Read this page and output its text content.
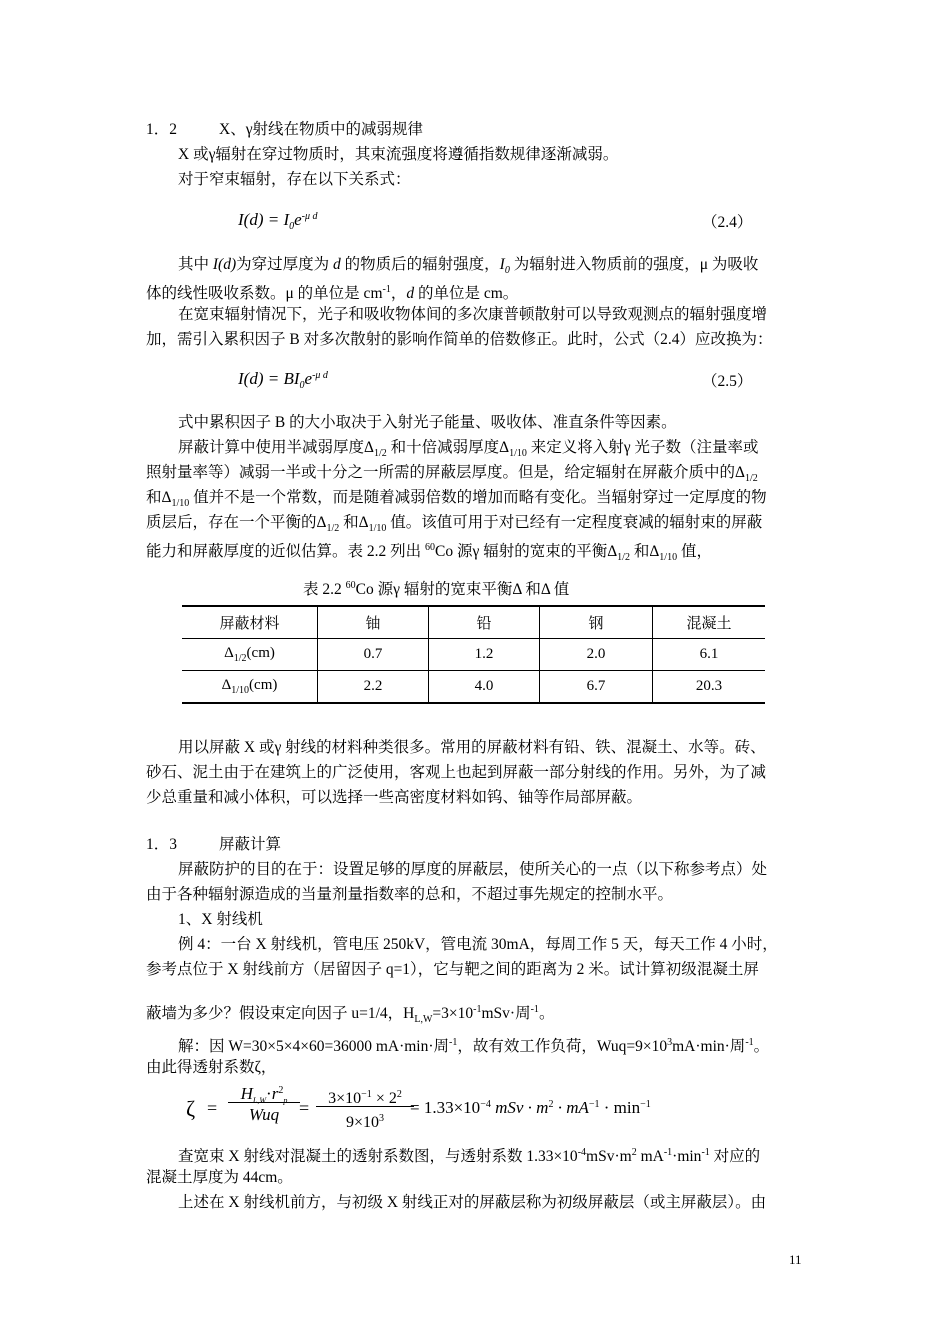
1．2	X、γ射线在物质中的减弱规律
X 或γ辐射在穿过物质时，其束流强度将遵循指数规律逐渐减弱。
对于窄束辐射，存在以下关系式：
$I(d) = I_0e^{-\mu d}$	（2.4）
其中 I(d)为穿过厚度为 d 的物质后的辐射强度，$I_0$ 为辐射进入物质前的强度，μ 为吸收
体的线性吸收系数。μ 的单位是 $cm^{-1}$，d 的单位是 cm。
在宽束辐射情况下，光子和吸收物体间的多次康普顿散射可以导致观测点的辐射强度增
加，需引入累积因子 B 对多次散射的影响作简单的倍数修正。此时，公式（2.4）应改换为：
$I(d) = BI_0e^{-\mu d}$	（2.5）
式中累积因子 B 的大小取决于入射光子能量、吸收体、准直条件等因素。
屏蔽计算中使用半减弱厚度$\Delta_{1/2}$ 和十倍减弱厚度$\Delta_{1/10}$ 来定义将入射γ 光子数（注量率或
照射量率等）减弱一半或十分之一所需的屏蔽层厚度。但是，给定辐射在屏蔽介质中的$\Delta_{1/2}$
和$\Delta_{1/10}$ 值并不是一个常数，而是随着减弱倍数的增加而略有变化。当辐射穿过一定厚度的物
质层后，存在一个平衡的$\Delta_{1/2}$ 和$\Delta_{1/10}$ 值。该值可用于对已经有一定程度衰减的辐射束的屏蔽
能力和屏蔽厚度的近似估算。表 2.2 列出 $^{60}$Co 源γ 辐射的宽束的平衡$\Delta_{1/2}$ 和$\Delta_{1/10}$ 值，
表 2.2 $^{60}$Co 源γ 辐射的宽束平衡Δ 和Δ 值
屏蔽材料	铀	铅	钢	混凝土
$\Delta_{1/2}(cm)$	0.7	1.2	2.0	6.1
$\Delta_{1/10}(cm)$	2.2	4.0	6.7	20.3
用以屏蔽 X 或γ 射线的材料种类很多。常用的屏蔽材料有铅、铁、混凝土、水等。砖、
砂石、泥土由于在建筑上的广泛使用，客观上也起到屏蔽一部分射线的作用。另外，为了减
少总重量和减小体积，可以选择一些高密度材料如钨、铀等作局部屏蔽。
1．3	屏蔽计算
屏蔽防护的目的在于：设置足够的厚度的屏蔽层，使所关心的一点（以下称参考点）处
由于各种辐射源造成的当量剂量指数率的总和，不超过事先规定的控制水平。
1、X 射线机
例 4：一台 X 射线机，管电压 250kV，管电流 30mA，每周工作 5 天，每天工作 4 小时，
参考点位于 X 射线前方（居留因子 q=1），它与靶之间的距离为 2 米。试计算初级混凝土屏
蔽墙为多少？假设束定向因子 u=1/4，$H_{L,W}=3\times 10^{-1}mSv\cdot$周$^{-1}$。
解：因 W=30×5×4×60=36000 mA·min·周$^{-1}$，故有效工作负荷，$Wuq=9\times 10^3mA\cdot\min\cdot$周$^{-1}$。
由此得透射系数ζ，
ζ =
$H_{L,W}\cdot r^2_p$
Wuq	= $\frac{3\times 10^{-1} \times 2^2}{9\times 10^3}$
= $1.33\times 10^{-4}$ mSv · $m^2 \cdot mA^{-1} \cdot \min^{-1}$
查宽束 X 射线对混凝土的透射系数图，与透射系数 $1.33\times 10^{-4}mSv\cdot m^2$ $mA^{-1}\cdot\min^{-1}$ 对应的
混凝土厚度为 44cm。
上述在 X 射线机前方，与初级 X 射线正对的屏蔽层称为初级屏蔽层（或主屏蔽层）。由
11
